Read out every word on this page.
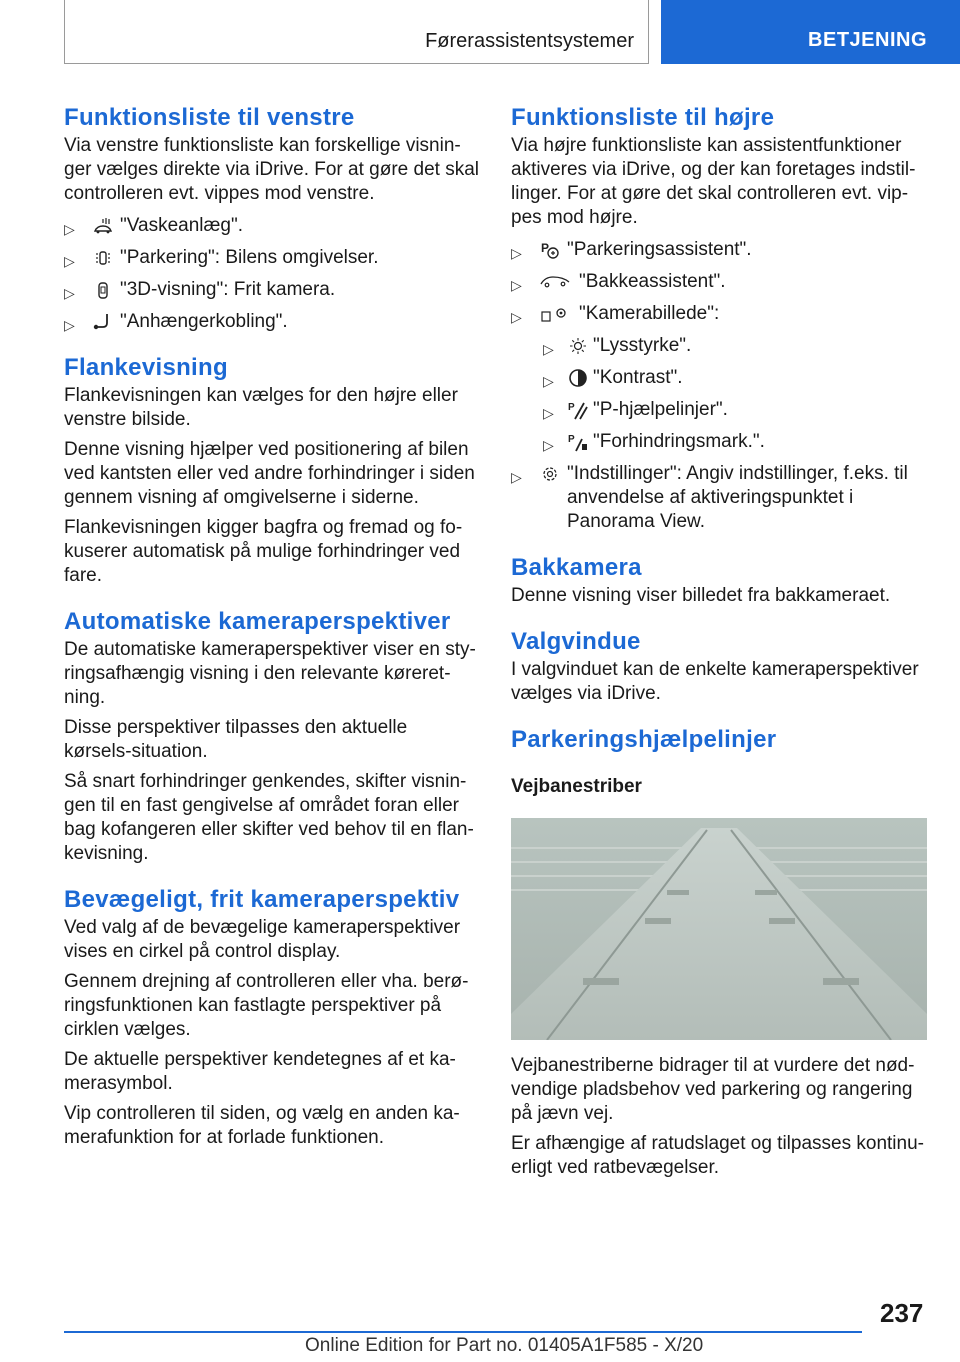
Førerassistentsystemer	BETJENING
Funktionsliste til venstre

Via venstre funktionsliste kan forskellige visnin-ger vælges direkte via iDrive. For at gøre det skal controlleren evt. vippes mod venstre.

▷ "Vaskeanlæg".
▷ "Parkering": Bilens omgivelser.
▷ "3D-visning": Frit kamera.
▷ "Anhængerkobling".
Flankevisning

Flankevisningen kan vælges for den højre eller venstre bilside.

Denne visning hjælper ved positionering af bilen ved kantsten eller ved andre forhindringer i siden gennem visning af omgivelserne i siderne.

Flankevisningen kigger bagfra og fremad og fo-kuserer automatisk på mulige forhindringer ved fare.

Automatiske kameraperspektiver

De automatiske kameraperspektiver viser en sty-ringsafhængig visning i den relevante køreret-ning.

Disse perspektiver tilpasses den aktuelle kørsels-situation.

Så snart forhindringer genkendes, skifter visnin-gen til en fast gengivelse af området foran eller bag kofangeren eller skifter ved behov til en flan-kevisning.

Bevægeligt, frit kameraperspektiv

Ved valg af de bevægelige kameraperspektiver vises en cirkel på control display.

Gennem drejning af controlleren eller vha. berø-ringsfunktionen kan fastlagte perspektiver på cirklen vælges.

De aktuelle perspektiver kendetegnes af et ka-merasymbol.

Vip controlleren til siden, og vælg en anden ka-merafunktion for at forlade funktionen.

Funktionsliste til højre

Via højre funktionsliste kan assistentfunktioner aktiveres via iDrive, og der kan foretages indstil-linger. For at gøre det skal controlleren evt. vip-pes mod højre.

▷ P "Parkeringsassistent".
▷	"Bakkeassistent".
▷	"Kamerabillede":
▷ "Lysstyrke".
▷ "Kontrast".
▷ P "P-hjælpelinjer".
▷ P "Forhindringsmark.".
▷ "Indstillinger": Angiv indstillinger, f.eks. til anvendelse af aktiveringspunktet i Panorama View.
Bakkamera

Denne visning viser billedet fra bakkameraet.

Valgvindue

I valgvinduet kan de enkelte kameraperspektiver vælges via iDrive.

Parkeringshjælpelinjer
Vejbanestriber

Vejbanestriberne bidrager til at vurdere det nød-vendige pladsbehov ved parkering og rangering på jævn vej.

Er afhængige af ratudslaget og tilpasses kontinu-erligt ved ratbevægelser.

237
Online Edition for Part no. 01405A1F585 - X/20
